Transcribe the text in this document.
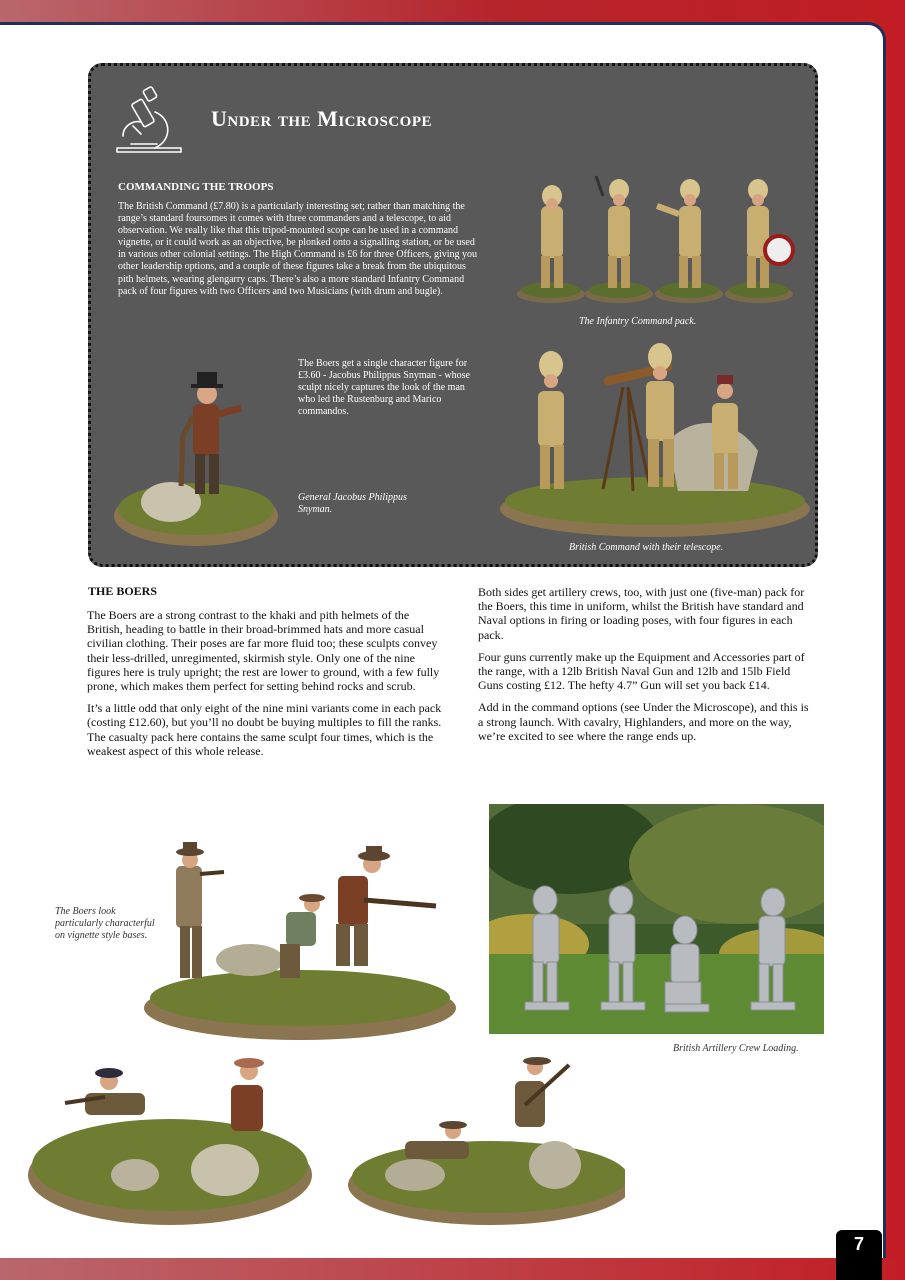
Under the Microscope
COMMANDING THE TROOPS
The British Command (£7.80) is a particularly interesting set; rather than matching the range’s standard foursomes it comes with three commanders and a telescope, to aid observation. We really like that this tripod-mounted scope can be used in a command vignette, or it could work as an objective, be plonked onto a signalling station, or be used in various other colonial settings. The High Command is £6 for three Officers, giving you other leadership options, and a couple of these figures take a break from the ubiquitous pith helmets, wearing glengarry caps. There’s also a more standard Infantry Command pack of four figures with two Officers and two Musicians (with drum and bugle).
The Infantry Command pack.
The Boers get a single character figure for £3.60 - Jacobus Philippus Snyman - whose sculpt nicely captures the look of the man who led the Rustenburg and Marico commandos.
General Jacobus Philippus Snyman.
British Command with their telescope.
THE BOERS

The Boers are a strong contrast to the khaki and pith helmets of the British, heading to battle in their broad-brimmed hats and more casual civilian clothing. Their poses are far more fluid too; these sculpts convey their less-drilled, unregimented, skirmish style. Only one of the nine figures here is truly upright; the rest are lower to ground, with a few fully prone, which makes them perfect for setting behind rocks and scrub.

It’s a little odd that only eight of the nine mini variants come in each pack (costing £12.60), but you’ll no doubt be buying multiples to fill the ranks. The casualty pack here contains the same sculpt four times, which is the weakest aspect of this whole release.

Both sides get artillery crews, too, with just one (five-man) pack for the Boers, this time in uniform, whilst the British have standard and Naval options in firing or loading poses, with four figures in each pack.

Four guns currently make up the Equipment and Accessories part of the range, with a 12lb British Naval Gun and 12lb and 15lb Field Guns costing £12. The hefty 4.7” Gun will set you back £14.

Add in the command options (see Under the Microscope), and this is a strong launch. With cavalry, Highlanders, and more on the way, we’re excited to see where the range ends up.

The Boers look particularly characterful on vignette style bases.
British Artillery Crew Loading.
7
